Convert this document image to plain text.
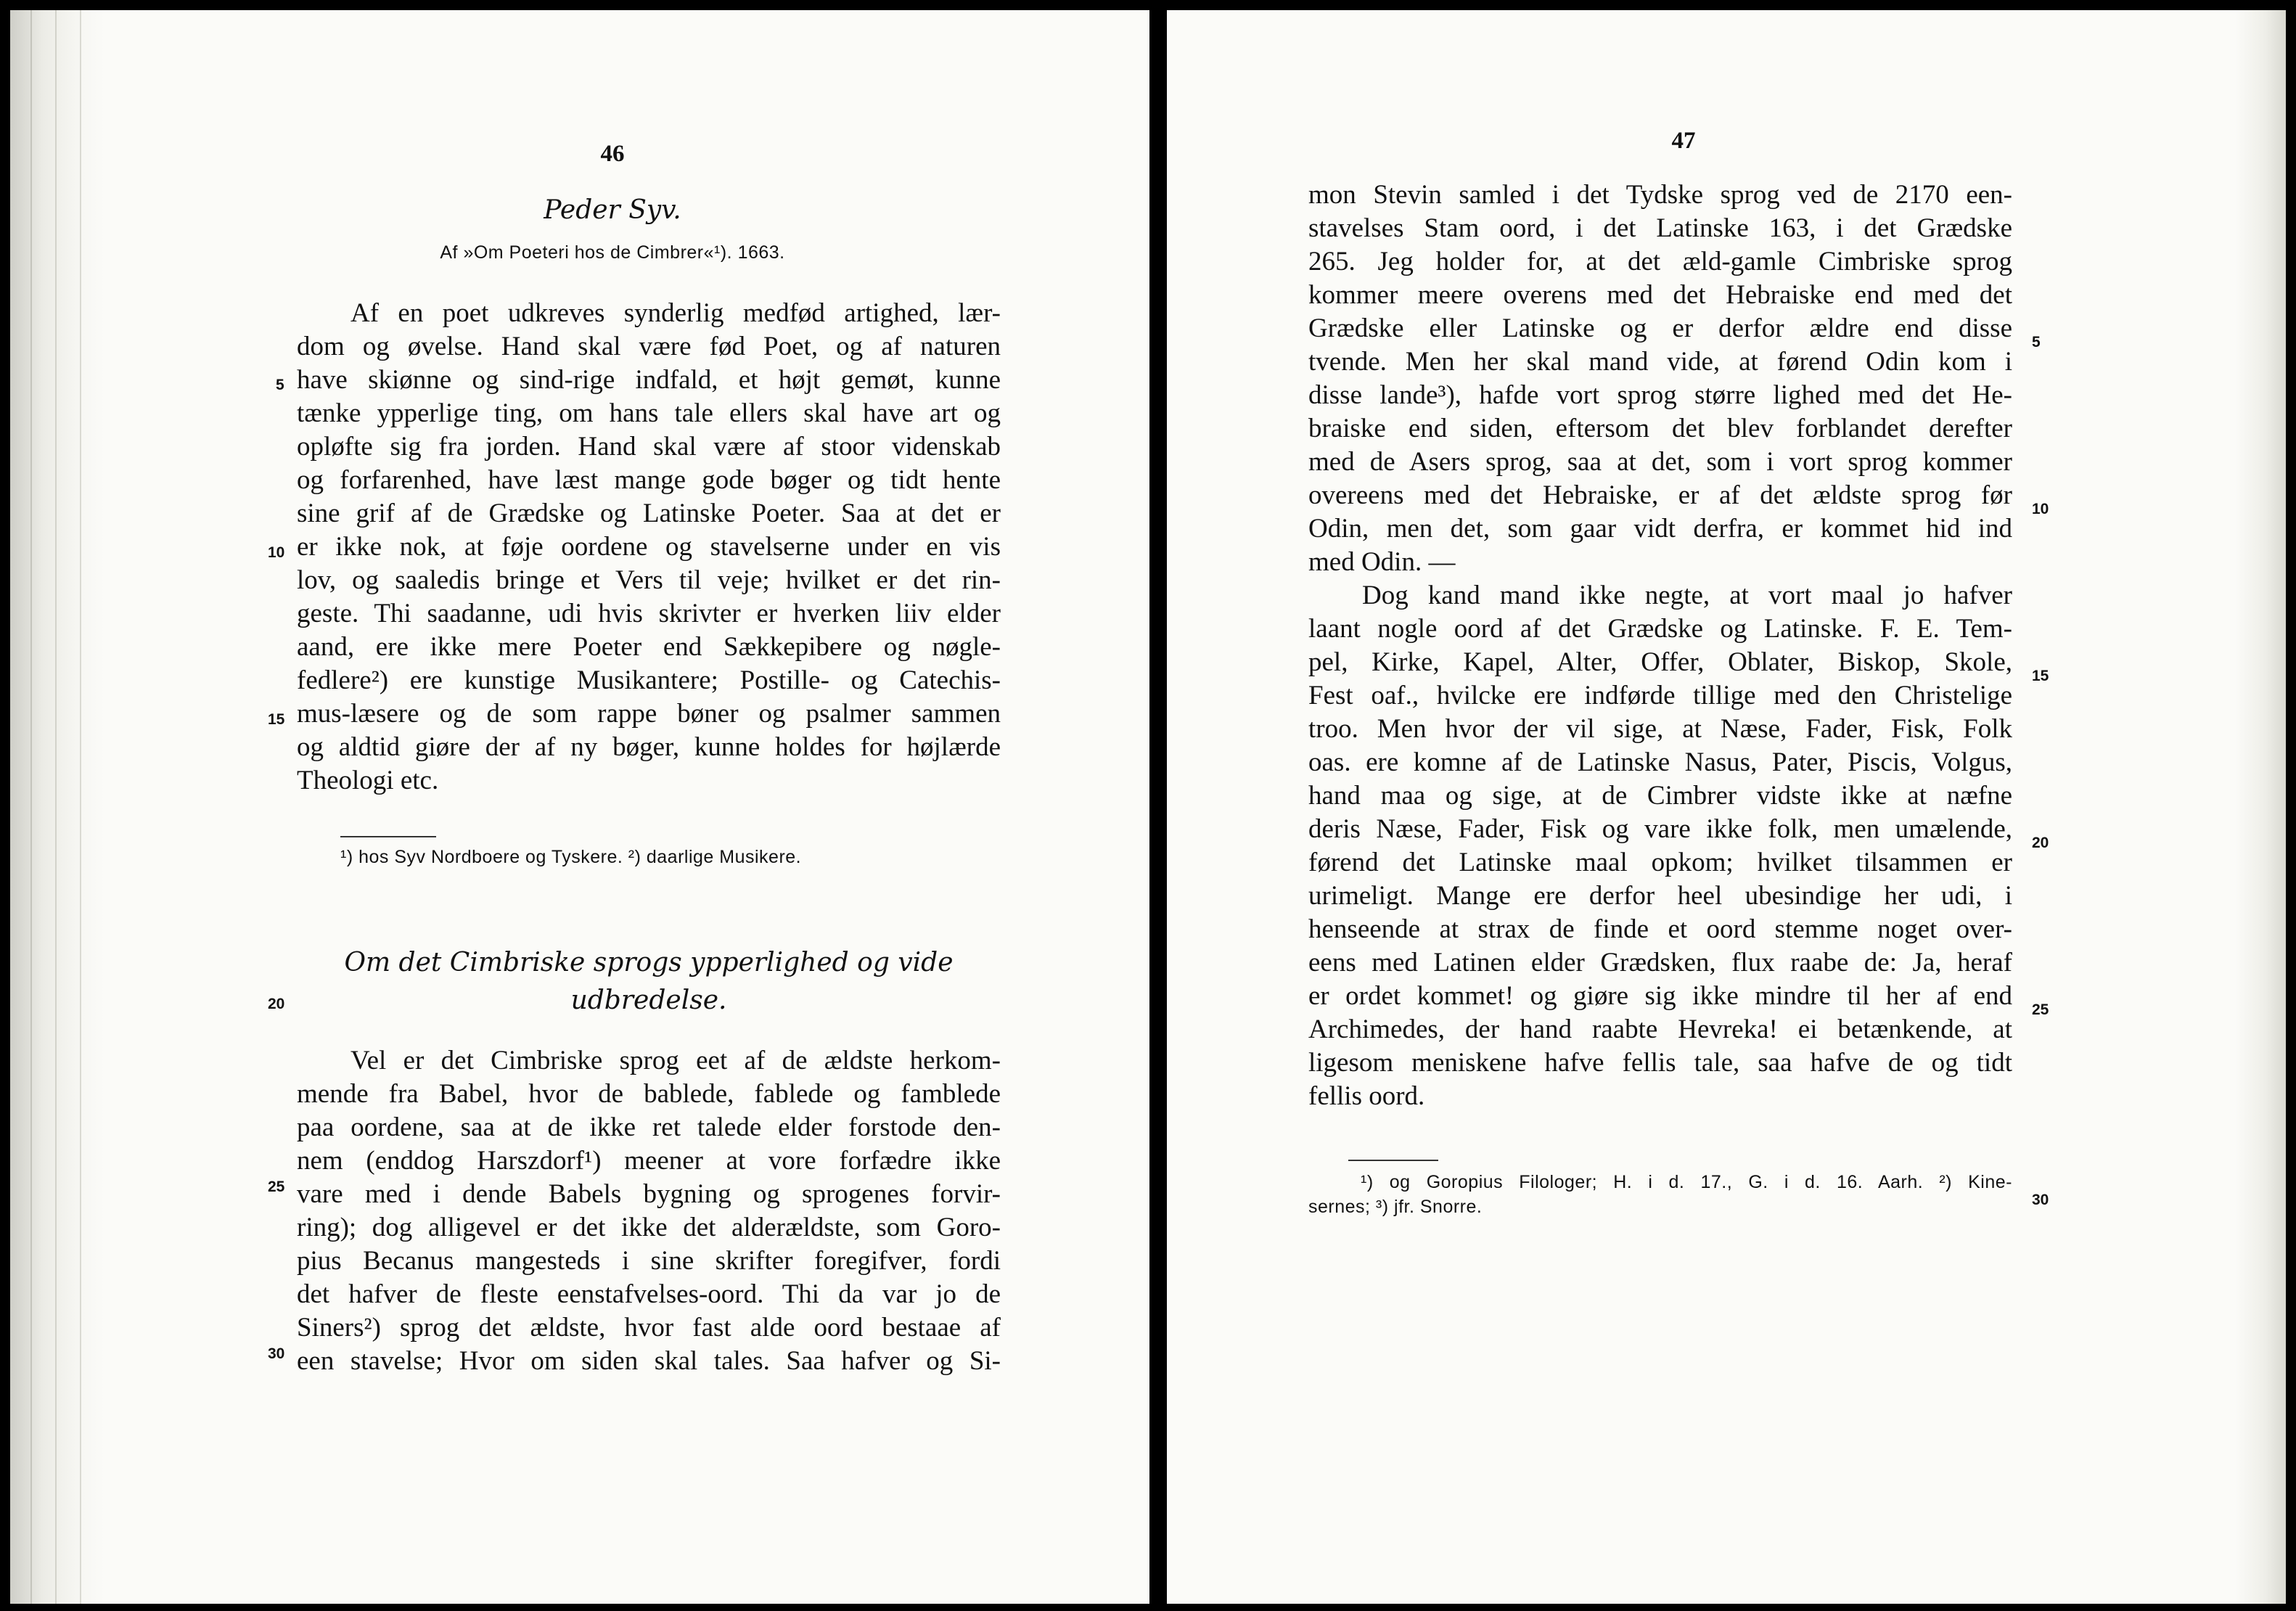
46
Peder Syv.
Af »Om Poeteri hos de Cimbrer«¹). 1663.
Af en poet udkreves synderlig medfød artighed, lær-
dom og øvelse. Hand skal være fød Poet, og af naturen
have skiønne og sind-rige indfald, et højt gemøt, kunne
tænke ypperlige ting, om hans tale ellers skal have art og
opløfte sig fra jorden. Hand skal være af stoor videnskab
og forfarenhed, have læst mange gode bøger og tidt hente
sine grif af de Grædske og Latinske Poeter. Saa at det er
er ikke nok, at føje oordene og stavelserne under en vis
lov, og saaledis bringe et Vers til veje; hvilket er det rin-
geste. Thi saadanne, udi hvis skrivter er hverken liiv elder
aand, ere ikke mere Poeter end Sækkepibere og nøgle-
fedlere²) ere kunstige Musikantere; Postille- og Catechis-
mus-læsere og de som rappe bøner og psalmer sammen
og aldtid giøre der af ny bøger, kunne holdes for højlærde
Theologi etc.
¹) hos Syv Nordboere og Tyskere. ²) daarlige Musikere.
Om det Cimbriske sprogs ypperlighed og vide
udbredelse.
Vel er det Cimbriske sprog eet af de ældste herkom-
mende fra Babel, hvor de bablede, fablede og famblede
paa oordene, saa at de ikke ret talede elder forstode den-
nem (enddog Harszdorf¹) meener at vore forfædre ikke
vare med i dende Babels bygning og sprogenes forvir-
ring); dog alligevel er det ikke det alderældste, som Goro-
pius Becanus mangesteds i sine skrifter foregifver, fordi
det hafver de fleste eenstafvelses-oord. Thi da var jo de
Siners²) sprog det ældste, hvor fast alde oord bestaae af
een stavelse; Hvor om siden skal tales. Saa hafver og Si-
5
10
15
20
25
30
47
mon Stevin samled i det Tydske sprog ved de 2170 een-
stavelses Stam oord, i det Latinske 163, i det Grædske
265. Jeg holder for, at det æld-gamle Cimbriske sprog
kommer meere overens med det Hebraiske end med det
Grædske eller Latinske og er derfor ældre end disse
tvende. Men her skal mand vide, at førend Odin kom i
disse lande³), hafde vort sprog større lighed med det He-
braiske end siden, eftersom det blev forblandet derefter
med de Asers sprog, saa at det, som i vort sprog kommer
overeens med det Hebraiske, er af det ældste sprog før
Odin, men det, som gaar vidt derfra, er kommet hid ind
med Odin. —
Dog kand mand ikke negte, at vort maal jo hafver
laant nogle oord af det Grædske og Latinske. F. E. Tem-
pel, Kirke, Kapel, Alter, Offer, Oblater, Biskop, Skole,
Fest oaf., hvilcke ere indførde tillige med den Christelige
troo. Men hvor der vil sige, at Næse, Fader, Fisk, Folk
oas. ere komne af de Latinske Nasus, Pater, Piscis, Volgus,
hand maa og sige, at de Cimbrer vidste ikke at næfne
deris Næse, Fader, Fisk og vare ikke folk, men umælende,
førend det Latinske maal opkom; hvilket tilsammen er
urimeligt. Mange ere derfor heel ubesindige her udi, i
henseende at strax de finde et oord stemme noget over-
eens med Latinen elder Grædsken, flux raabe de: Ja, heraf
er ordet kommet! og giøre sig ikke mindre til her af end
Archimedes, der hand raabte Hevreka! ei betænkende, at
ligesom meniskene hafve fellis tale, saa hafve de og tidt
fellis oord.
¹) og Goropius Filologer; H. i d. 17., G. i d. 16. Aarh. ²) Kine-
sernes; ³) jfr. Snorre.
5
10
15
20
25
30
